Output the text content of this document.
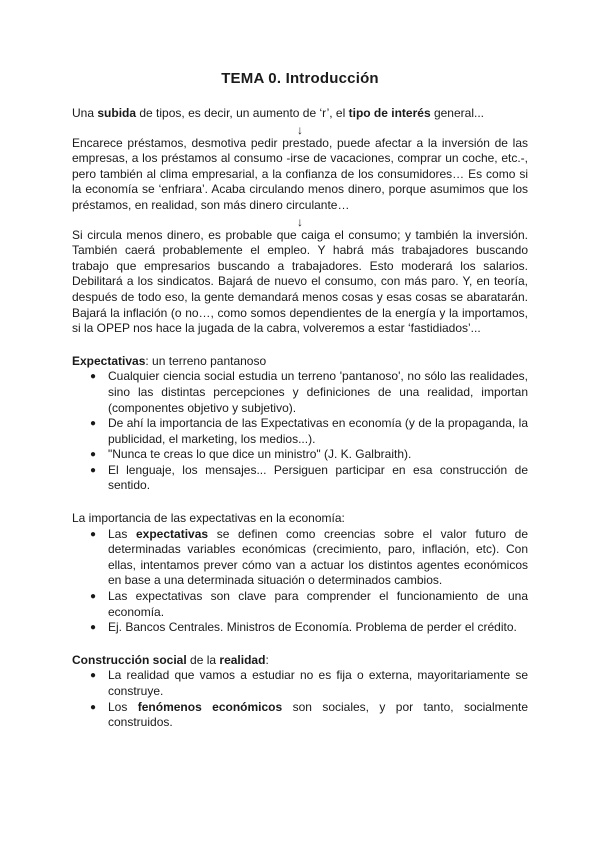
TEMA 0. Introducción

Una subida de tipos, es decir, un aumento de ‘r’, el tipo de interés general...

↓

Encarece préstamos, desmotiva pedir prestado, puede afectar a la inversión de las empresas, a los préstamos al consumo -irse de vacaciones, comprar un coche, etc.-, pero también al clima empresarial, a la confianza de los consumidores… Es como si la economía se ‘enfriara’. Acaba circulando menos dinero, porque asumimos que los préstamos, en realidad, son más dinero circulante…

↓

Si circula menos dinero, es probable que caiga el consumo; y también la inversión. También caerá probablemente el empleo. Y habrá más trabajadores buscando trabajo que empresarios buscando a trabajadores. Esto moderará los salarios. Debilitará a los sindicatos. Bajará de nuevo el consumo, con más paro. Y, en teoría, después de todo eso, la gente demandará menos cosas y esas cosas se abaratarán. Bajará la inflación (o no…, como somos dependientes de la energía y la importamos, si la OPEP nos hace la jugada de la cabra, volveremos a estar ‘fastidiados’...

Expectativas: un terreno pantanoso

● Cualquier ciencia social estudia un terreno 'pantanoso', no sólo las realidades, sino las distintas percepciones y definiciones de una realidad, importan (componentes objetivo y subjetivo).
● De ahí la importancia de las Expectativas en economía (y de la propaganda, la publicidad, el marketing, los medios...).
● "Nunca te creas lo que dice un ministro" (J. K. Galbraith).
● El lenguaje, los mensajes... Persiguen participar en esa construcción de sentido.

La importancia de las expectativas en la economía:

● Las expectativas se definen como creencias sobre el valor futuro de determinadas variables económicas (crecimiento, paro, inflación, etc). Con ellas, intentamos prever cómo van a actuar los distintos agentes económicos en base a una determinada situación o determinados cambios.
● Las expectativas son clave para comprender el funcionamiento de una economía.
● Ej. Bancos Centrales. Ministros de Economía. Problema de perder el crédito.

Construcción social de la realidad:

● La realidad que vamos a estudiar no es fija o externa, mayoritariamente se construye.
● Los fenómenos económicos son sociales, y por tanto, socialmente construidos.
